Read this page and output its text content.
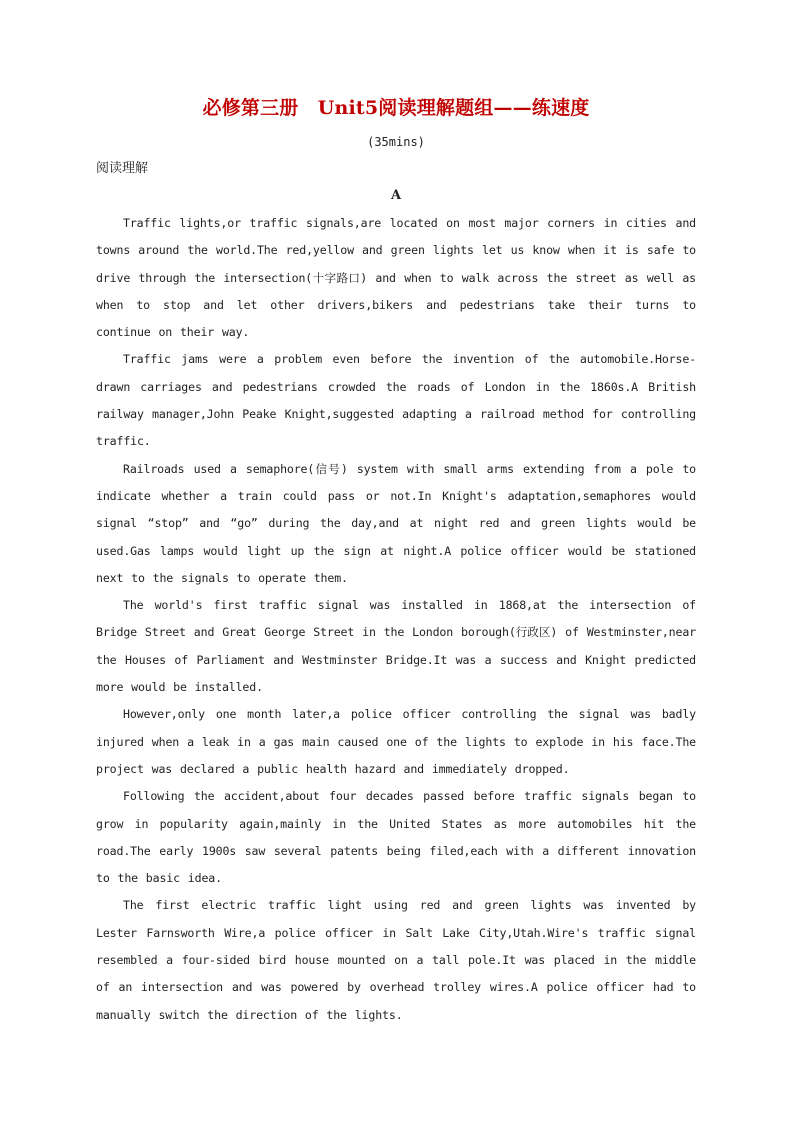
必修第三册　Unit5阅读理解题组——练速度
(35mins)
阅读理解
A

Traffic lights,or traffic signals,are located on most major corners in cities and towns around the world.The red,yellow and green lights let us know when it is safe to drive through the intersection(十字路口) and when to walk across the street as well as when to stop and let other drivers,bikers and pedestrians take their turns to continue on their way.

Traffic jams were a problem even before the invention of the automobile.Horse-drawn carriages and pedestrians crowded the roads of London in the 1860s.A British railway manager,John Peake Knight,suggested adapting a railroad method for controlling traffic.

Railroads used a semaphore(信号) system with small arms extending from a pole to indicate whether a train could pass or not.In Knight's adaptation,semaphores would signal “stop” and “go” during the day,and at night red and green lights would be used.Gas lamps would light up the sign at night.A police officer would be stationed next to the signals to operate them.

The world's first traffic signal was installed in 1868,at the intersection of Bridge Street and Great George Street in the London borough(行政区) of Westminster,near the Houses of Parliament and Westminster Bridge.It was a success and Knight predicted more would be installed.

However,only one month later,a police officer controlling the signal was badly injured when a leak in a gas main caused one of the lights to explode in his face.The project was declared a public health hazard and immediately dropped.

Following the accident,about four decades passed before traffic signals began to grow in popularity again,mainly in the United States as more automobiles hit the road.The early 1900s saw several patents being filed,each with a different innovation to the basic idea.

The first electric traffic light using red and green lights was invented by Lester Farnsworth Wire,a police officer in Salt Lake City,Utah.Wire's traffic signal resembled a four-sided bird house mounted on a tall pole.It was placed in the middle of an intersection and was powered by overhead trolley wires.A police officer had to manually switch the direction of the lights.
